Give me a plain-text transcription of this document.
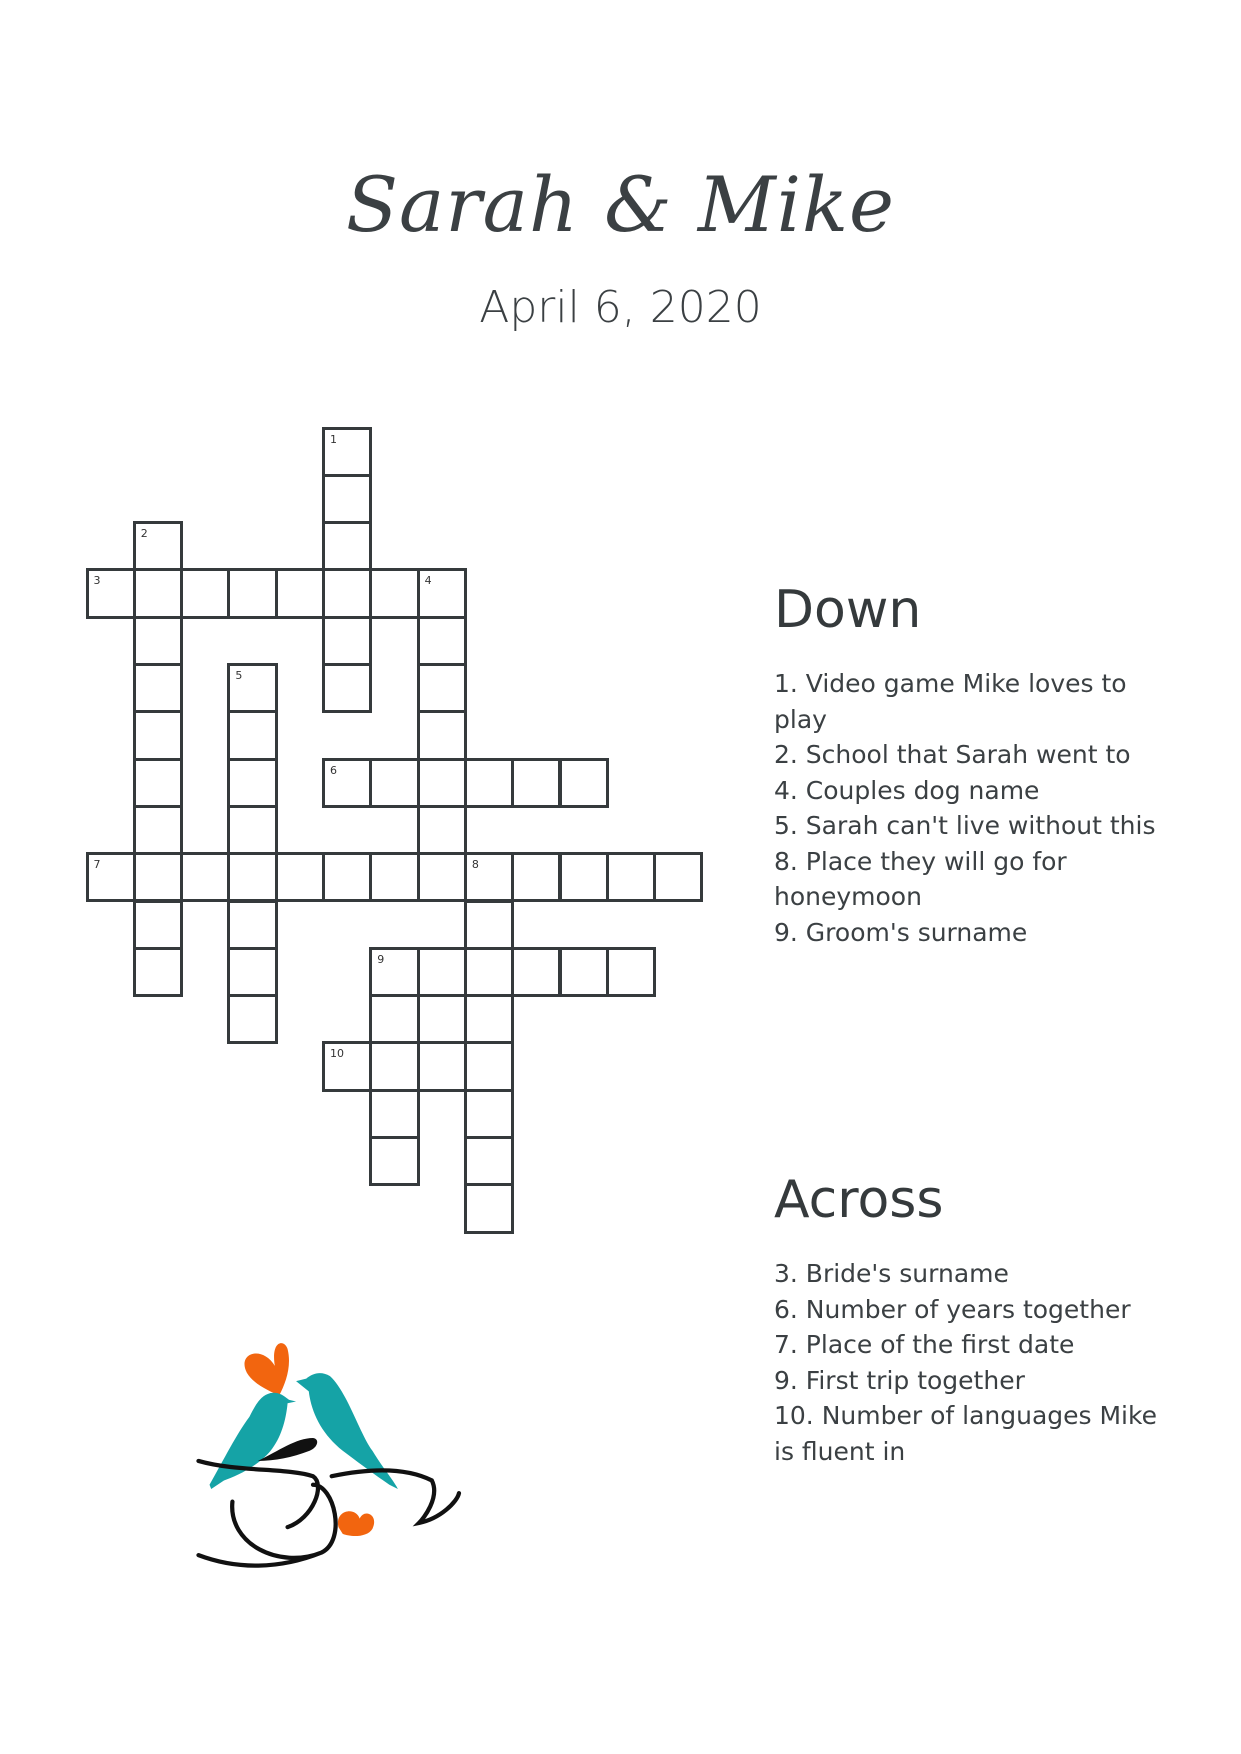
Sarah & Mike
April 6, 2020
1
2
3	4
5
6
7	8
9
10
Down
1. Video game Mike loves to play
2. School that Sarah went to
4. Couples dog name
5. Sarah can't live without this
8. Place they will go for honeymoon
9. Groom's surname
Across
3. Bride's surname
6. Number of years together
7. Place of the first date
9. First trip together
10. Number of languages Mike is fluent in
